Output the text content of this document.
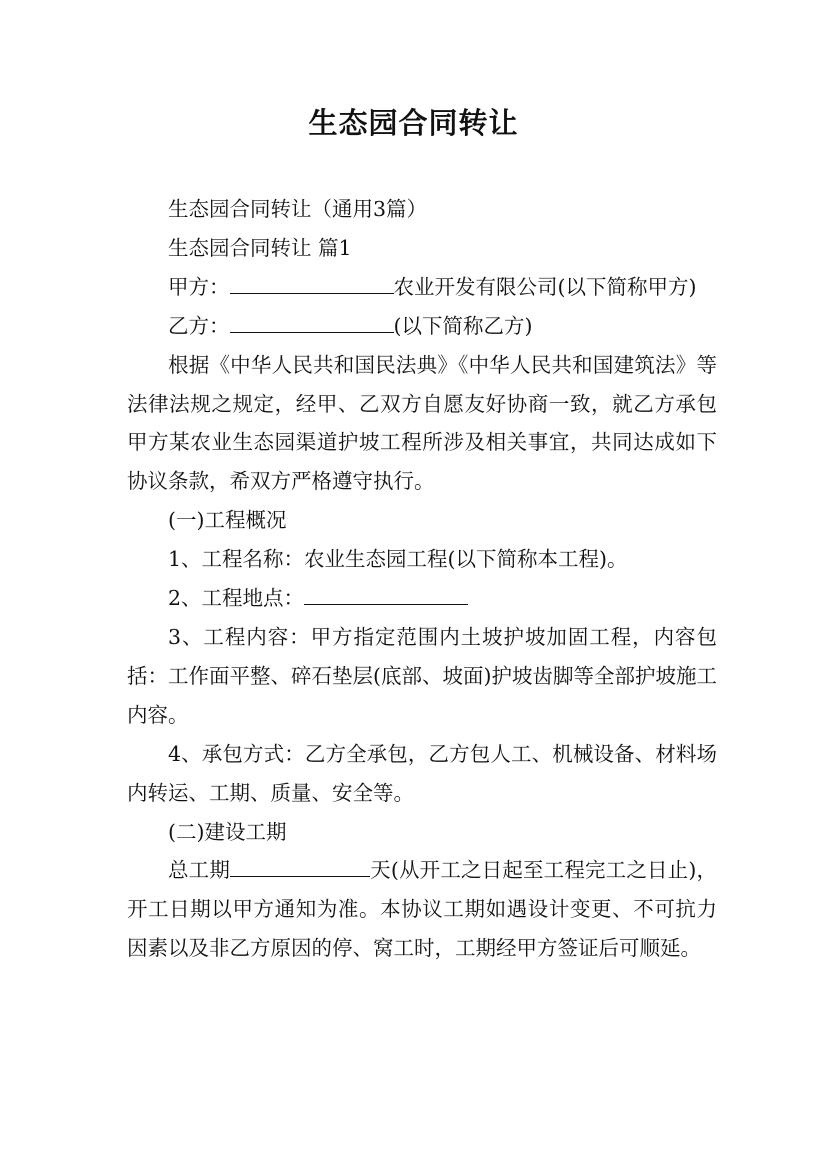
生态园合同转让

生态园合同转让（通用3篇）

生态园合同转让 篇1

甲方：	农业开发有限公司(以下简称甲方)

乙方：	(以下简称乙方)

根据《中华人民共和国民法典》《中华人民共和国建筑法》等法律法规之规定，经甲、乙双方自愿友好协商一致，就乙方承包甲方某农业生态园渠道护坡工程所涉及相关事宜，共同达成如下协议条款，希双方严格遵守执行。

(一)工程概况

1、工程名称：农业生态园工程(以下简称本工程)。

2、工程地点：

3、工程内容：甲方指定范围内土坡护坡加固工程，内容包括：工作面平整、碎石垫层(底部、坡面)护坡齿脚等全部护坡施工内容。

4、承包方式：乙方全承包，乙方包人工、机械设备、材料场内转运、工期、质量、安全等。

(二)建设工期

总工期	天(从开工之日起至工程完工之日止)，开工日期以甲方通知为准。本协议工期如遇设计变更、不可抗力因素以及非乙方原因的停、窝工时，工期经甲方签证后可顺延。
